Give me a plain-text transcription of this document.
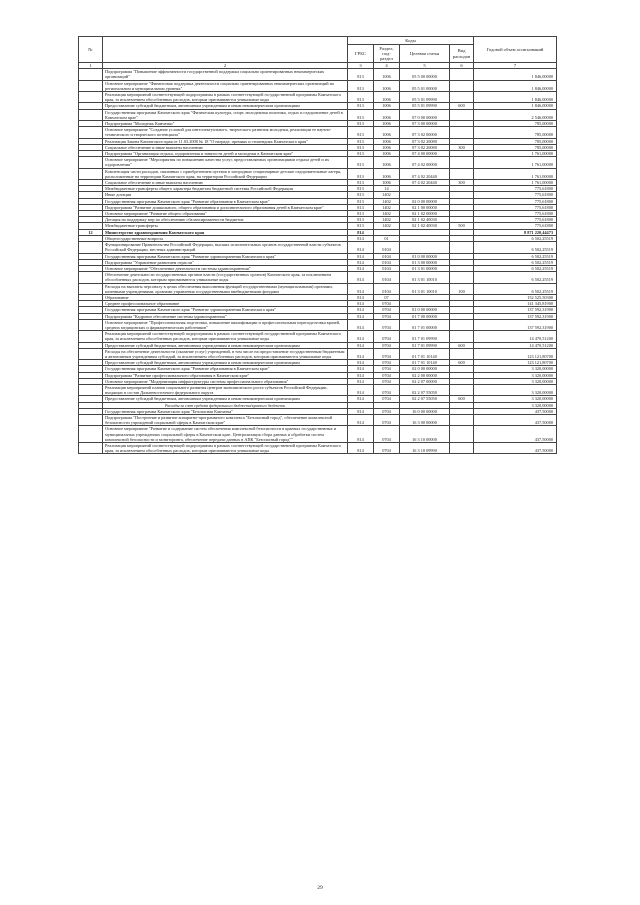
№		Коды				Годовой объем ассигнований
		ГРБС	Раздел, под-раздел	Целевая статья	Вид расходов	
1	2	3	4	5	6	7
	Подпрограмма "Повышение эффективности государственной поддержки социально ориентированных некоммерческих организаций"	813	1006	05 5 00 00000		1 846,00000
	Основное мероприятие "Финансовая поддержка деятельности социально ориентированных некоммерческих организаций на региональном и муниципальном уровнях"	813	1006	05 5 01 00000		1 846,00000
	Реализация мероприятий соответствующей подпрограммы в рамках соответствующей государственной программы Камчатского края, за исключением обособленных расходов, которым присваиваются уникальные коды	813	1006	05 5 01 09990		1 846,00000
	Предоставление субсидий бюджетным, автономным учреждениям и иным некоммерческим организациям	813	1006	05 5 01 09990	600	1 846,00000
	Государственная программа Камчатского края "Физическая культура, спорт, молодежная политика, отдых и оздоровление детей в Камчатском крае"	813	1006	07 0 00 00000		2 546,00000
	Подпрограмма "Молодежь Камчатки"	813	1006	07 3 00 00000		785,00000
	Основное мероприятие "Создание условий для интеллектуального, творческого развития молодежи, реализации ее научно-технического и творческого потенциала"	813	1006	07 3 02 00000		785,00000
	Реализация Закона Камчатского края от 11.03.2008 № 18 "О награде, премиях и стипендиях Камчатского края"	813	1006	07 3 02 20080		785,00000
	Социальное обеспечение и иные выплаты населению	813	1006	07 3 02 20080	300	785,00000
	Подпрограмма "Организация отдыха, оздоровления и занятости детей и молодежи в Камчатском крае"	813	1006	07 4 00 00000		1 761,00000
	Основное мероприятие "Мероприятия по повышению качества услуг, предоставляемых организациями отдыха детей и их оздоровления"	813	1006	07 4 02 00000		1 761,00000
	Компенсация части расходов, связанных с приобретением путевок в загородные стационарные детские оздоровительные лагеря, расположенные на территории Камчатского края, на территории Российской Федерации	813	1006	07 4 02 20440		1 761,00000
	Социальное обеспечение и иные выплаты населению	813	1006	07 4 02 20440	300	1 761,00000
	Межбюджетные трансферты общего характера бюджетам бюджетной системы Российской Федерации	813	14			775,61800
	Иные дотации	813	1402			775,61800
	Государственная программа Камчатского края "Развитие образования в Камчатском крае"	813	1402	02 0 00 00000		775,61800
	Подпрограмма "Развитие дошкольного, общего образования и дополнительного образования детей в Камчатском крае"	813	1402	02 1 00 00000		775,61800
	Основное мероприятие "Развитие общего образования"	813	1402	02 1 02 00000		775,61800
	Дотация на поддержку мер по обеспечению сбалансированности бюджетов	813	1402	02 1 02 40030		775,61800
	Межбюджетные трансферты	813	1402	02 1 02 40030	500	775,61800
12	Министерство здравоохранения Камчатского края	814				8 871 220,44473
	Общегосударственные вопросы	814	01			6 502,25519
	Функционирование Правительства Российской Федерации, высших исполнительных органов государственной власти субъектов Российской Федерации, местных администраций	814	0104			6 502,25519
	Государственная программа Камчатского края "Развитие здравоохранения Камчатского края"	814	0104	01 0 00 00000		6 502,25519
	Подпрограмма "Управление развитием отрасли"	814	0104	01 3 00 00000		6 502,25519
	Основное мероприятие "Обеспечение деятельности системы здравоохранения"	814	0104	01 3 01 00000		6 502,25519
	Обеспечение деятельности государственных органов власти (государственных органов) Камчатского края, за исключением обособленных расходов, которым присваиваются уникальные коды	814	0104	01 3 01 10010		6 502,25519
	Расходы на выплаты персоналу в целях обеспечения выполнения функций государственными (муниципальными) органами, казенными учреждениями, органами управления государственными внебюджетными фондами	814	0104	01 3 01 10010	100	6 502,25519
	Образование	814	07			152 525,50300
	Среднее профессиональное образование	814	0704			141 345,81900
	Государственная программа Камчатского края "Развитие здравоохранения Камчатского края"	814	0704	01 0 00 00000		137 592,31900
	Подпрограмма "Кадровое обеспечение системы здравоохранения"	814	0704	01 7 00 00000		137 592,31900
	Основное мероприятие "Профессиональная подготовка, повышение квалификации и профессиональная переподготовка врачей, средних медицинских и фармацевтических работников"	814	0704	01 7 01 00000		137 592,31900
	Реализация мероприятий соответствующей подпрограммы в рамках соответствующей государственной программы Камчатского края, за исключением обособленных расходов, которым присваиваются уникальные коды	814	0704	01 7 01 09990		14 470,51200
	Предоставление субсидий бюджетным, автономным учреждениям и иным некоммерческим организациям	814	0704	01 7 01 09990	600	14 470,51200
	Расходы на обеспечение деятельности (оказание услуг) учреждений, в том числе на предоставление государственным бюджетным и автономным учреждениям субсидий, за исключением обособленных расходов, которым присваиваются уникальные коды	814	0704	01 7 01 10140		123 121,80700
	Предоставление субсидий бюджетным, автономным учреждениям и иным некоммерческим организациям	814	0704	01 7 01 10140	600	123 121,80700
	Государственная программа Камчатского края "Развитие образования в Камчатском крае"	814	0704	02 0 00 00000		3 320,00000
	Подпрограмма "Развитие профессионального образования в Камчатском крае"	814	0704	02 2 00 00000		3 320,00000
	Основное мероприятие "Модернизация инфраструктуры системы профессионального образования"	814	0704	02 2 07 00000		3 320,00000
	Реализация мероприятий планов социального развития центров экономического роста субъектов Российской Федерации, входящих в состав Дальневосточного федерального округа	814	0704	02 2 07 55050		3 320,00000
	Предоставление субсидий бюджетным, автономным учреждениям и иным некоммерческим организациям	814	0704	02 2 07 55050	600	3 320,00000
	Расходы за счет средств федерального бюджета/краевого бюджета					3 320,00000
	Государственная программа Камчатского края "Безопасная Камчатка"	814	0704	16 0 00 00000		437,50000
	Подпрограмма "Построение и развитие аппаратно-программного комплекса "Безопасный город", обеспечение комплексной безопасности учреждений социальной сферы в Камчатском крае"	814	0704	16 3 00 00000		437,50000
	Основное мероприятие "Развитие и содержание систем обеспечения комплексной безопасности в краевых государственных и муниципальных учреждениях социальной сферы в Камчатском крае. Централизация сбора данных и обработки систем комплексной безопасности и мониторинга, обеспечение передачи данных в АПК "Безопасный город""	814	0704	16 3 10 00000		437,50000
	Реализация мероприятий соответствующей подпрограммы в рамках соответствующей государственной программы Камчатского края, за исключением обособленных расходов, которым присваиваются уникальные коды	814	0704	16 3 10 09990		437,50000
29
